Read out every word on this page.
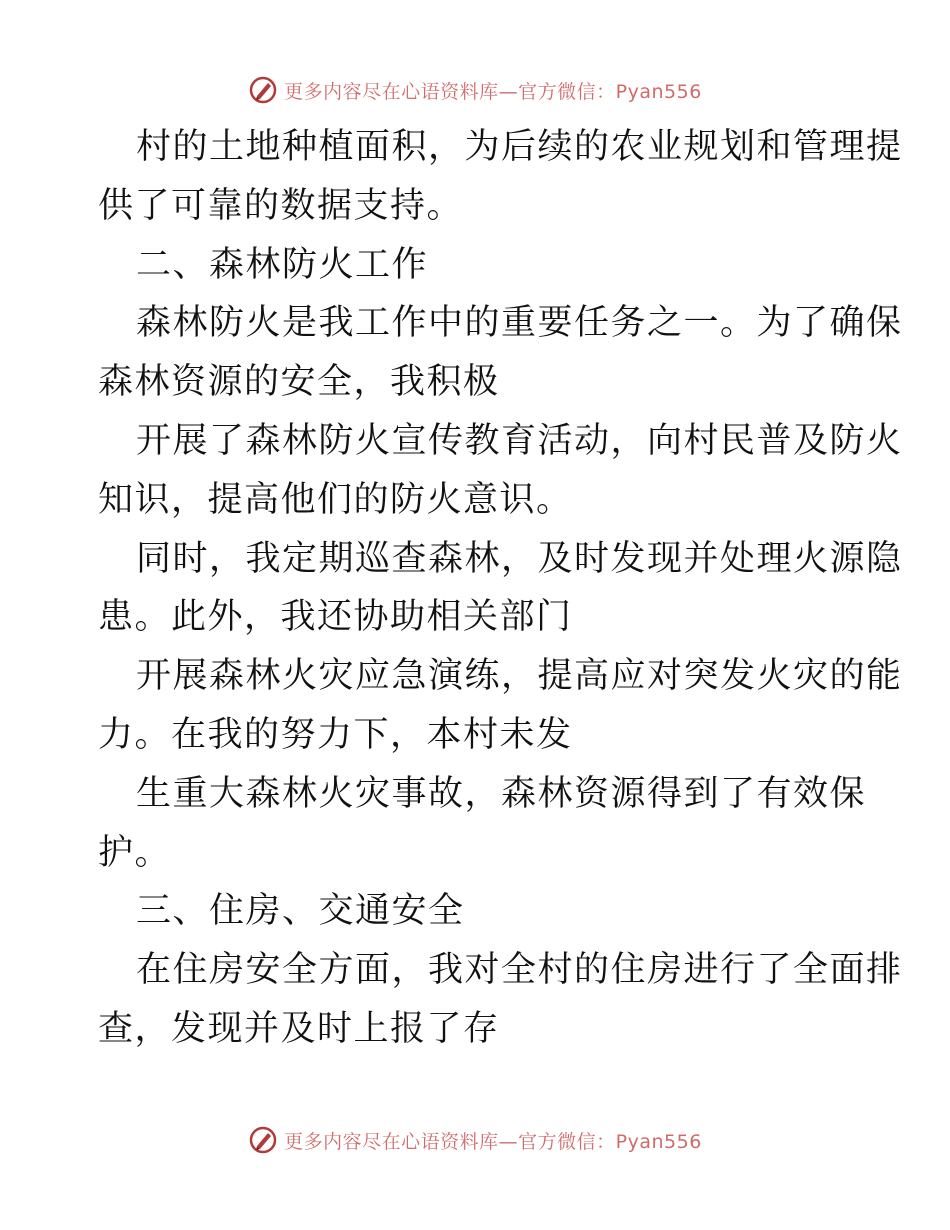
更多内容尽在心语资料库—官方微信：Pyan556
村的土地种植面积，为后续的农业规划和管理提
供了可靠的数据支持。
二、森林防火工作
森林防火是我工作中的重要任务之一。为了确保
森林资源的安全，我积极
开展了森林防火宣传教育活动，向村民普及防火
知识，提高他们的防火意识。
同时，我定期巡查森林，及时发现并处理火源隐
患。此外，我还协助相关部门
开展森林火灾应急演练，提高应对突发火灾的能
力。在我的努力下，本村未发
生重大森林火灾事故，森林资源得到了有效保
护。
三、住房、交通安全
在住房安全方面，我对全村的住房进行了全面排
查，发现并及时上报了存
更多内容尽在心语资料库—官方微信：Pyan556
